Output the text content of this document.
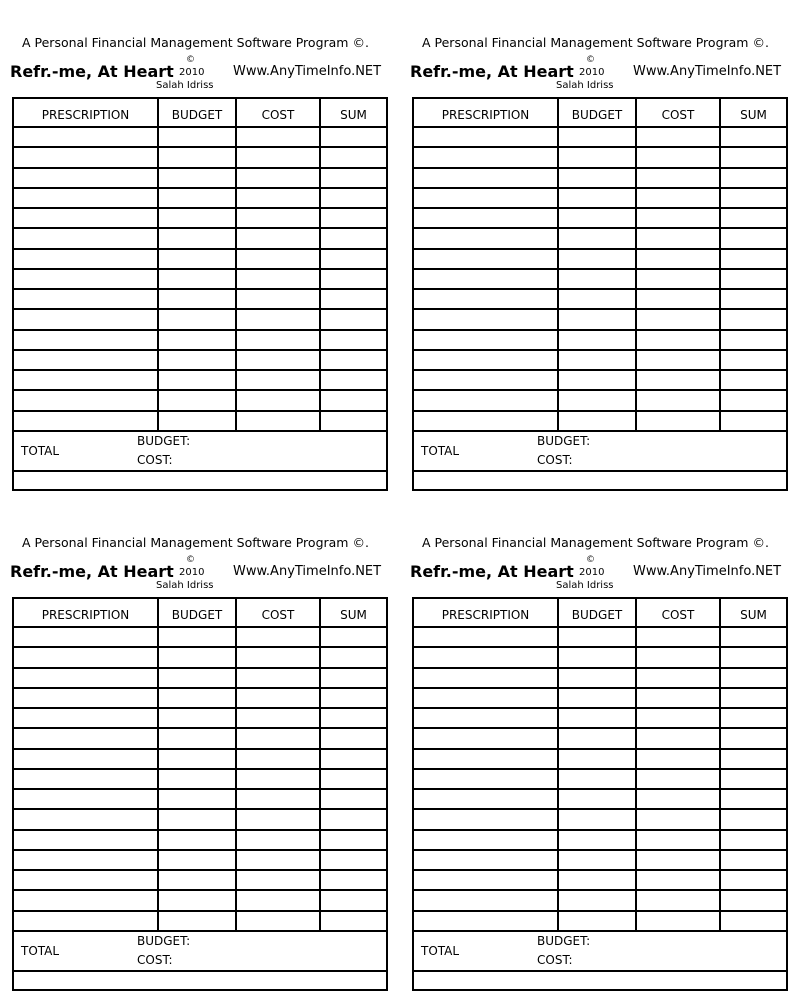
A Personal Financial Management Software Program ©.
Refr.-me, At Heart
©
2010
Salah Idriss
Www.AnyTimeInfo.NET
PRESCRIPTION	BUDGET	COST	SUM
TOTAL
BUDGET:
COST:
A Personal Financial Management Software Program ©.
Refr.-me, At Heart
©
2010
Salah Idriss
Www.AnyTimeInfo.NET
PRESCRIPTION	BUDGET	COST	SUM
TOTAL
BUDGET:
COST:
A Personal Financial Management Software Program ©.
Refr.-me, At Heart
©
2010
Salah Idriss
Www.AnyTimeInfo.NET
PRESCRIPTION	BUDGET	COST	SUM
TOTAL
BUDGET:
COST:
A Personal Financial Management Software Program ©.
Refr.-me, At Heart
©
2010
Salah Idriss
Www.AnyTimeInfo.NET
PRESCRIPTION	BUDGET	COST	SUM
TOTAL
BUDGET:
COST:
